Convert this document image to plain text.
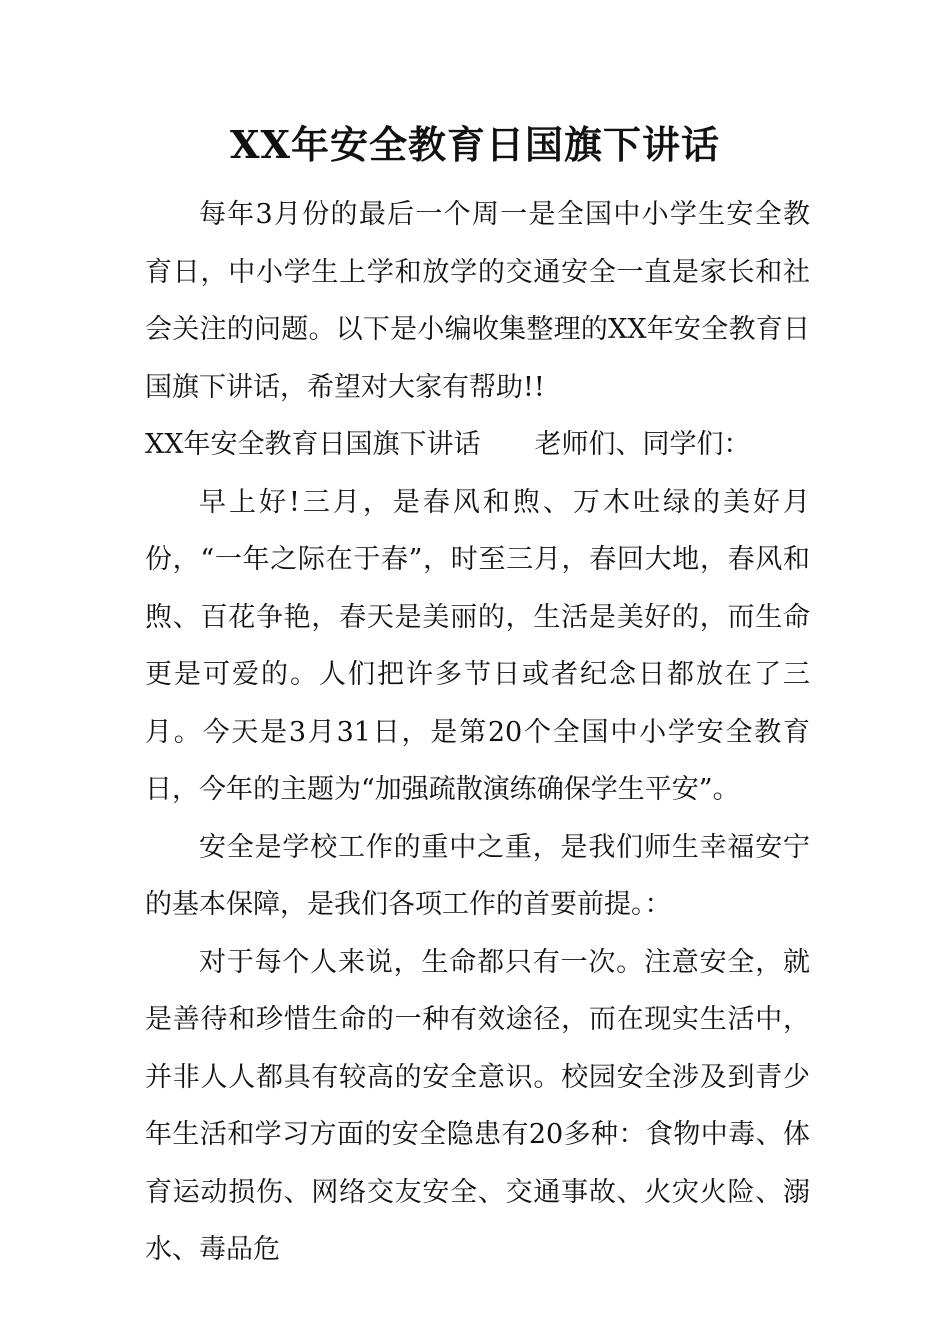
XX年安全教育日国旗下讲话

每年3月份的最后一个周一是全国中小学生安全教育日，中小学生上学和放学的交通安全一直是家长和社会关注的问题。以下是小编收集整理的XX年安全教育日国旗下讲话，希望对大家有帮助!!

XX年安全教育日国旗下讲话　　老师们、同学们：

早上好!三月，是春风和煦、万木吐绿的美好月份，“一年之际在于春”，时至三月，春回大地，春风和煦、百花争艳，春天是美丽的，生活是美好的，而生命更是可爱的。人们把许多节日或者纪念日都放在了三月。今天是3月31日，是第20个全国中小学安全教育日，今年的主题为“加强疏散演练确保学生平安”。

安全是学校工作的重中之重，是我们师生幸福安宁的基本保障，是我们各项工作的首要前提。：

对于每个人来说，生命都只有一次。注意安全，就是善待和珍惜生命的一种有效途径，而在现实生活中，并非人人都具有较高的安全意识。校园安全涉及到青少年生活和学习方面的安全隐患有20多种：食物中毒、体育运动损伤、网络交友安全、交通事故、火灾火险、溺水、毒品危
